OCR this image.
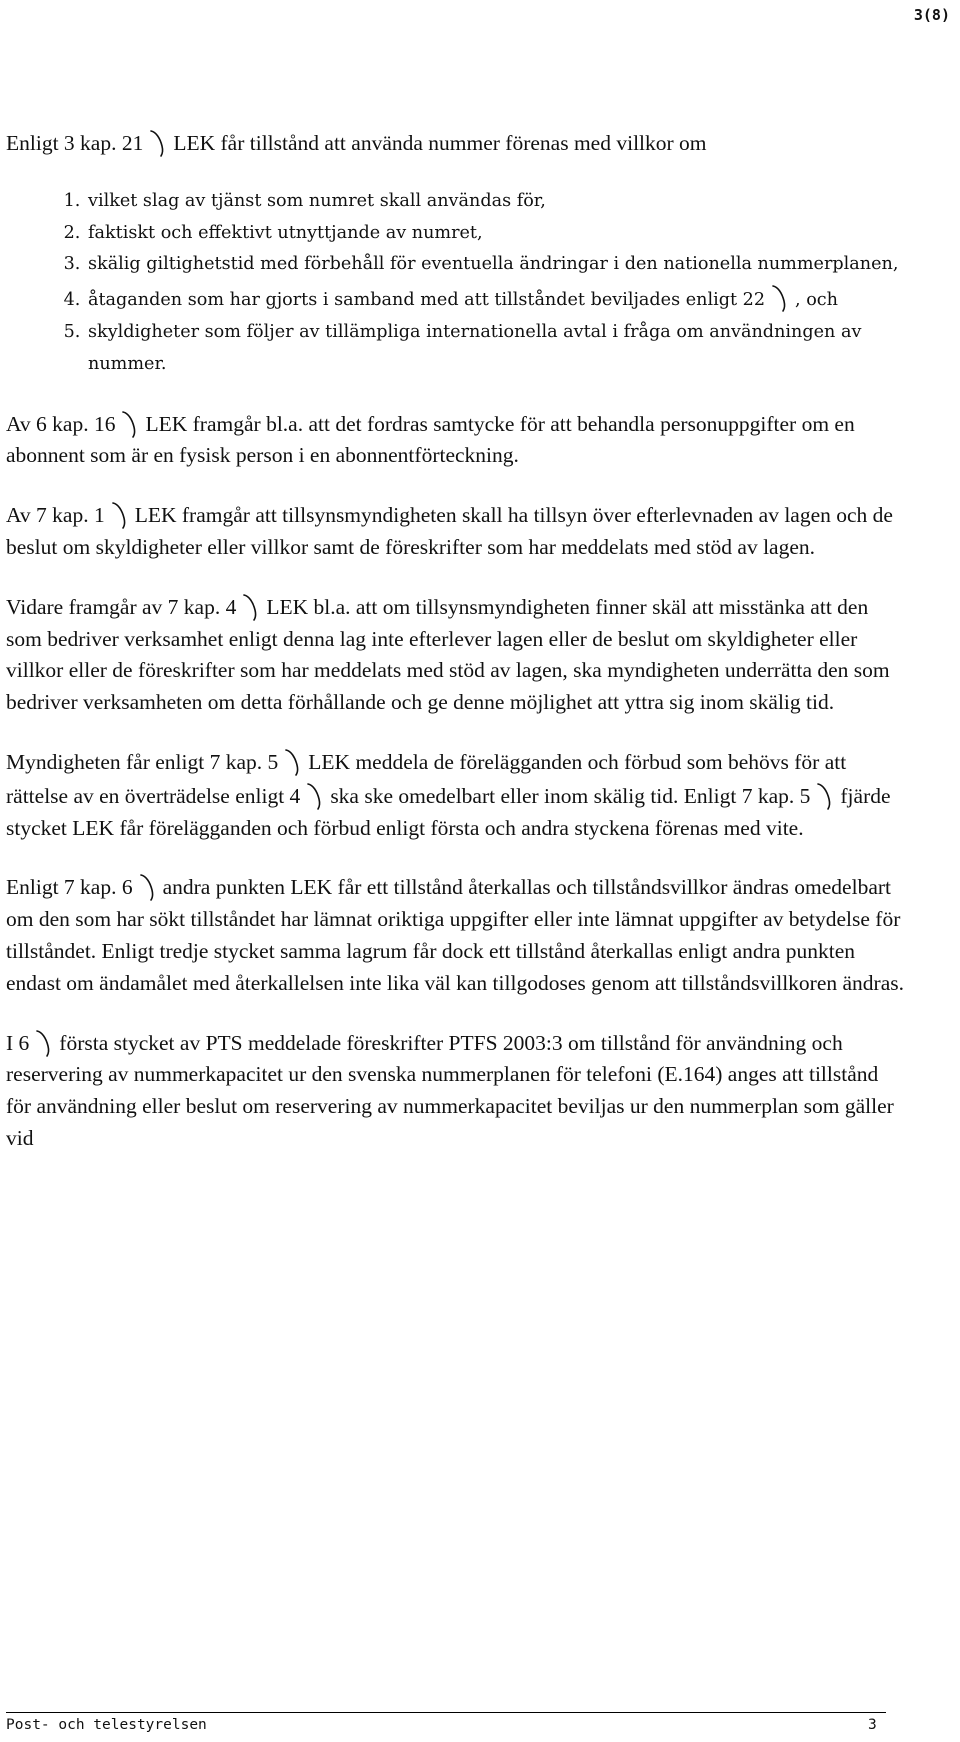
3(8)

Enligt 3 kap. 21 LEK får tillstånd att använda nummer förenas med villkor om

1. vilket slag av tjänst som numret skall användas för,
2. faktiskt och effektivt utnyttjande av numret,
3. skälig giltighetstid med förbehåll för eventuella ändringar i den nationella nummerplanen,
4. åtaganden som har gjorts i samband med att tillståndet beviljades enligt 22 , och
5. skyldigheter som följer av tillämpliga internationella avtal i fråga om användningen av nummer.

Av 6 kap. 16 LEK framgår bl.a. att det fordras samtycke för att behandla personuppgifter om en abonnent som är en fysisk person i en abonnentförteckning.

Av 7 kap. 1 LEK framgår att tillsynsmyndigheten skall ha tillsyn över efterlevnaden av lagen och de beslut om skyldigheter eller villkor samt de föreskrifter som har meddelats med stöd av lagen.

Vidare framgår av 7 kap. 4 LEK bl.a. att om tillsynsmyndigheten finner skäl att misstänka att den som bedriver verksamhet enligt denna lag inte efterlever lagen eller de beslut om skyldigheter eller villkor eller de föreskrifter som har meddelats med stöd av lagen, ska myndigheten underrätta den som bedriver verksamheten om detta förhållande och ge denne möjlighet att yttra sig inom skälig tid.

Myndigheten får enligt 7 kap. 5 LEK meddela de förelägganden och förbud som behövs för att rättelse av en överträdelse enligt 4 ska ske omedelbart eller inom skälig tid. Enligt 7 kap. 5 fjärde stycket LEK får förelägganden och förbud enligt första och andra styckena förenas med vite.

Enligt 7 kap. 6 andra punkten LEK får ett tillstånd återkallas och tillståndsvillkor ändras omedelbart om den som har sökt tillståndet har lämnat oriktiga uppgifter eller inte lämnat uppgifter av betydelse för tillståndet. Enligt tredje stycket samma lagrum får dock ett tillstånd återkallas enligt andra punkten endast om ändamålet med återkallelsen inte lika väl kan tillgodoses genom att tillståndsvillkoren ändras.

I 6 första stycket av PTS meddelade föreskrifter PTFS 2003:3 om tillstånd för användning och reservering av nummerkapacitet ur den svenska nummerplanen för telefoni (E.164) anges att tillstånd för användning eller beslut om reservering av nummerkapacitet beviljas ur den nummerplan som gäller vid

Post- och telestyrelsen	3
